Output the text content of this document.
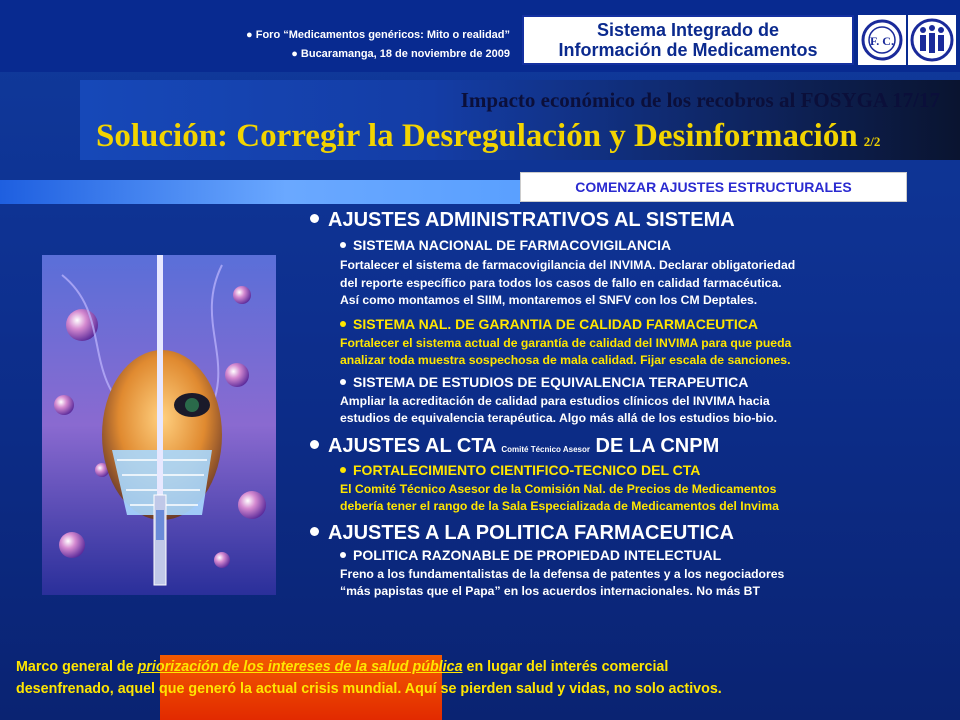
● Foro “Medicamentos genéricos: Mito o realidad”
● Bucaramanga, 18 de noviembre de 2009
Sistema Integrado de
Información de Medicamentos	F. C.
Impacto económico de los recobros al FOSYGA 17/17
Solución: Corregir la Desregulación y Desinformación 2/2
COMENZAR AJUSTES ESTRUCTURALES
AJUSTES ADMINISTRATIVOS AL SISTEMA
SISTEMA NACIONAL DE FARMACOVIGILANCIA
Fortalecer el sistema de farmacovigilancia del INVIMA. Declarar obligatoriedad
del reporte específico para todos los casos de fallo en calidad farmacéutica.
Así como montamos el SIIM, montaremos el SNFV con los CM Deptales.
SISTEMA NAL. DE GARANTIA DE CALIDAD FARMACEUTICA
Fortalecer el sistema actual de garantía de calidad del INVIMA para que pueda
analizar toda muestra sospechosa de mala calidad. Fijar escala de sanciones.
SISTEMA DE ESTUDIOS DE EQUIVALENCIA TERAPEUTICA
Ampliar la acreditación de calidad para estudios clínicos del INVIMA hacia
estudios de equivalencia terapéutica. Algo más allá de los estudios bio-bio.
AJUSTES AL CTA Comité Técnico Asesor DE LA CNPM
FORTALECIMIENTO CIENTIFICO-TECNICO DEL CTA
El Comité Técnico Asesor de la Comisión Nal. de Precios de Medicamentos
debería tener el rango de la Sala Especializada de Medicamentos del Invima
AJUSTES A LA POLITICA FARMACEUTICA
POLITICA RAZONABLE DE PROPIEDAD INTELECTUAL
Freno a los fundamentalistas de la defensa de patentes y a los negociadores
“más papistas que el Papa” en los acuerdos internacionales. No más BT
Marco general de priorización de los intereses de la salud pública en lugar del interés comercial
desenfrenado, aquel que generó la actual crisis mundial. Aquí se pierden salud y vidas, no solo activos.
